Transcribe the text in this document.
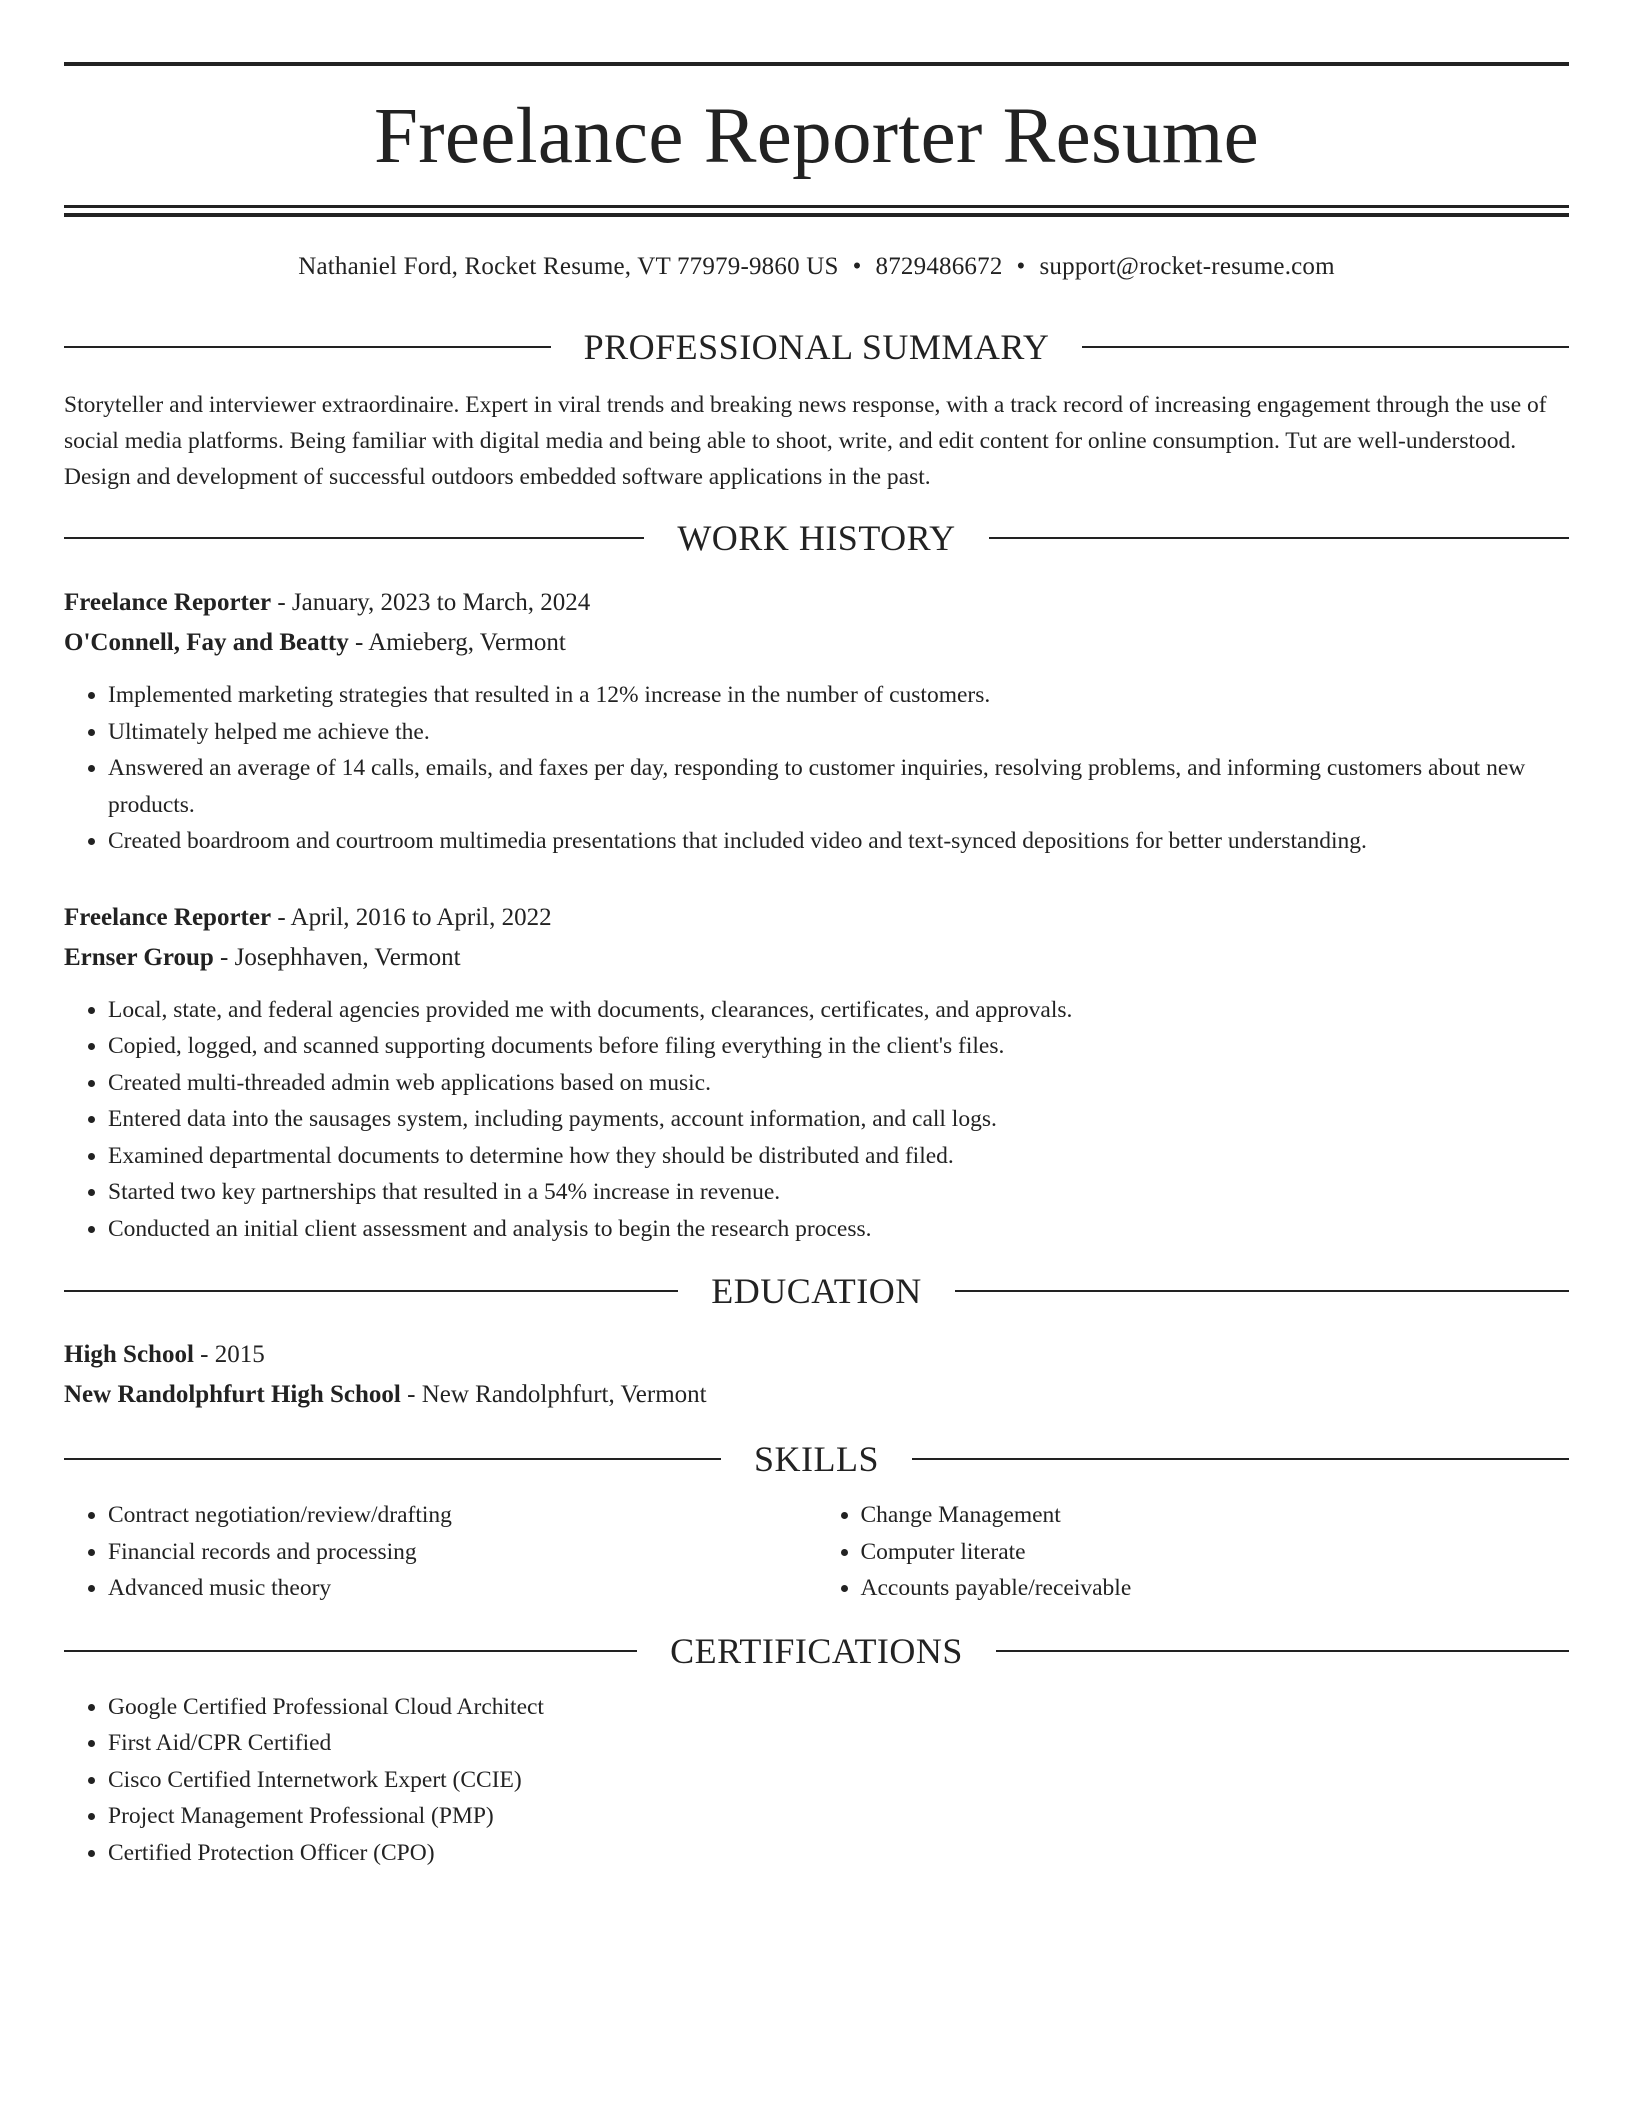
Freelance Reporter Resume
Nathaniel Ford, Rocket Resume, VT 77979-9860 US • 8729486672 • support@rocket-resume.com
PROFESSIONAL SUMMARY

Storyteller and interviewer extraordinaire. Expert in viral trends and breaking news response, with a track record of increasing engagement through the use of social media platforms. Being familiar with digital media and being able to shoot, write, and edit content for online consumption. Tut are well-understood. Design and development of successful outdoors embedded software applications in the past.

WORK HISTORY
Freelance Reporter - January, 2023 to March, 2024
O'Connell, Fay and Beatty - Amieberg, Vermont
• Implemented marketing strategies that resulted in a 12% increase in the number of customers.
• Ultimately helped me achieve the.
• Answered an average of 14 calls, emails, and faxes per day, responding to customer inquiries, resolving problems, and informing customers about new products.
• Created boardroom and courtroom multimedia presentations that included video and text-synced depositions for better understanding.
Freelance Reporter - April, 2016 to April, 2022
Ernser Group - Josephhaven, Vermont
• Local, state, and federal agencies provided me with documents, clearances, certificates, and approvals.
• Copied, logged, and scanned supporting documents before filing everything in the client's files.
• Created multi-threaded admin web applications based on music.
• Entered data into the sausages system, including payments, account information, and call logs.
• Examined departmental documents to determine how they should be distributed and filed.
• Started two key partnerships that resulted in a 54% increase in revenue.
• Conducted an initial client assessment and analysis to begin the research process.
EDUCATION
High School - 2015
New Randolphfurt High School - New Randolphfurt, Vermont
SKILLS
• Contract negotiation/review/drafting
• Financial records and processing
• Advanced music theory
• Change Management
• Computer literate
• Accounts payable/receivable
CERTIFICATIONS
• Google Certified Professional Cloud Architect
• First Aid/CPR Certified
• Cisco Certified Internetwork Expert (CCIE)
• Project Management Professional (PMP)
• Certified Protection Officer (CPO)
